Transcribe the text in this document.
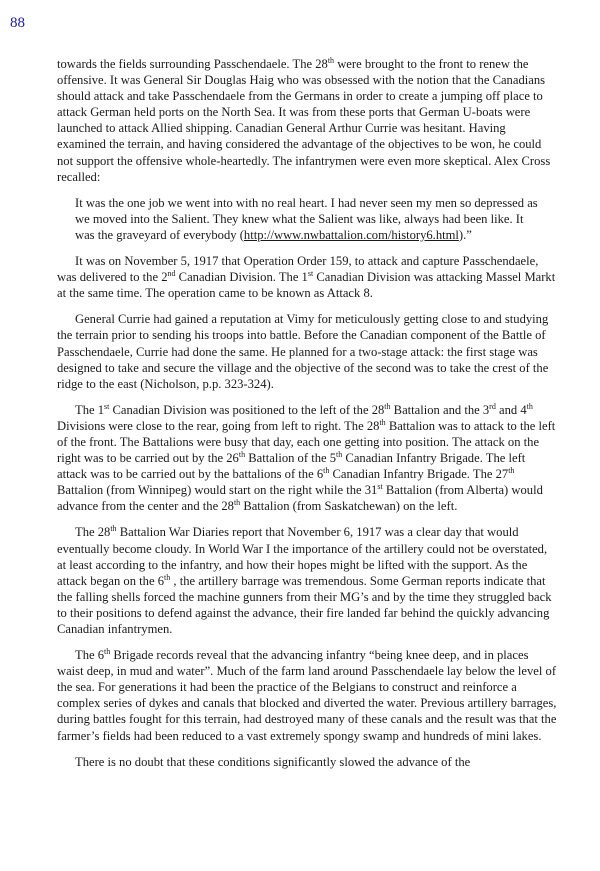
88

towards the fields surrounding Passchendaele. The 28th were brought to the front to renew the offensive. It was General Sir Douglas Haig who was obsessed with the notion that the Canadians should attack and take Passchendaele from the Germans in order to create a jumping off place to attack German held ports on the North Sea. It was from these ports that German U-boats were launched to attack Allied shipping. Canadian General Arthur Currie was hesitant. Having examined the terrain, and having considered the advantage of the objectives to be won, he could not support the offensive whole-heartedly. The infantrymen were even more skeptical. Alex Cross recalled:

It was the one job we went into with no real heart. I had never seen my men so depressed as we moved into the Salient. They knew what the Salient was like, always had been like. It was the graveyard of everybody (http://www.nwbattalion.com/history6.html).”

It was on November 5, 1917 that Operation Order 159, to attack and capture Passchendaele, was delivered to the 2nd Canadian Division. The 1st Canadian Division was attacking Massel Markt at the same time. The operation came to be known as Attack 8.

General Currie had gained a reputation at Vimy for meticulously getting close to and studying the terrain prior to sending his troops into battle. Before the Canadian component of the Battle of Passchendaele, Currie had done the same. He planned for a two-stage attack: the first stage was designed to take and secure the village and the objective of the second was to take the crest of the ridge to the east (Nicholson, p.p. 323-324).

The 1st Canadian Division was positioned to the left of the 28th Battalion and the 3rd and 4th Divisions were close to the rear, going from left to right. The 28th Battalion was to attack to the left of the front. The Battalions were busy that day, each one getting into position. The attack on the right was to be carried out by the 26th Battalion of the 5th Canadian Infantry Brigade. The left attack was to be carried out by the battalions of the 6th Canadian Infantry Brigade. The 27th Battalion (from Winnipeg) would start on the right while the 31st Battalion (from Alberta) would advance from the center and the 28th Battalion (from Saskatchewan) on the left.

The 28th Battalion War Diaries report that November 6, 1917 was a clear day that would eventually become cloudy. In World War I the importance of the artillery could not be overstated, at least according to the infantry, and how their hopes might be lifted with the support. As the attack began on the 6th , the artillery barrage was tremendous. Some German reports indicate that the falling shells forced the machine gunners from their MG’s and by the time they struggled back to their positions to defend against the advance, their fire landed far behind the quickly advancing Canadian infantrymen.

The 6th Brigade records reveal that the advancing infantry “being knee deep, and in places waist deep, in mud and water”. Much of the farm land around Passchendaele lay below the level of the sea. For generations it had been the practice of the Belgians to construct and reinforce a complex series of dykes and canals that blocked and diverted the water. Previous artillery barrages, during battles fought for this terrain, had destroyed many of these canals and the result was that the farmer’s fields had been reduced to a vast extremely spongy swamp and hundreds of mini lakes.

There is no doubt that these conditions significantly slowed the advance of the
